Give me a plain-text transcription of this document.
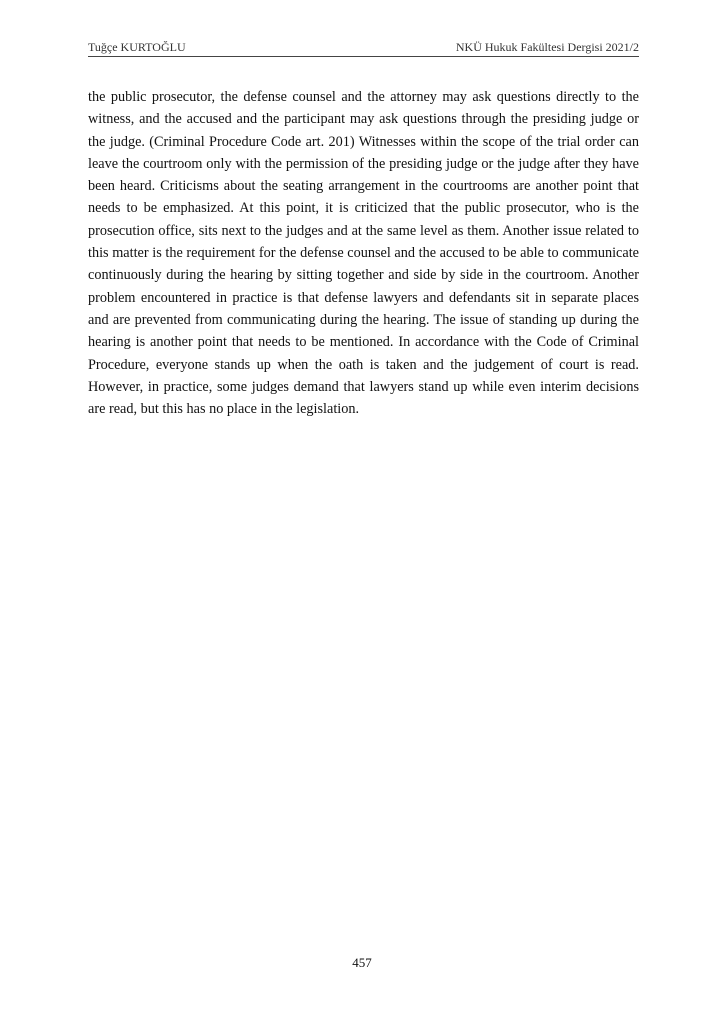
Tuğçe KURTOĞLU	NKÜ Hukuk Fakültesi Dergisi 2021/2

the public prosecutor, the defense counsel and the attorney may ask questions directly to the witness, and the accused and the participant may ask questions through the presiding judge or the judge. (Criminal Procedure Code art. 201) Witnesses within the scope of the trial order can leave the courtroom only with the permission of the presiding judge or the judge after they have been heard. Criticisms about the seating arrangement in the courtrooms are another point that needs to be emphasized. At this point, it is criticized that the public prosecutor, who is the prosecution office, sits next to the judges and at the same level as them. Another issue related to this matter is the requirement for the defense counsel and the accused to be able to communicate continuously during the hearing by sitting together and side by side in the courtroom. Another problem encountered in practice is that defense lawyers and defendants sit in separate places and are prevented from communicating during the hearing. The issue of standing up during the hearing is another point that needs to be mentioned. In accordance with the Code of Criminal Procedure, everyone stands up when the oath is taken and the judgement of court is read. However, in practice, some judges demand that lawyers stand up while even interim decisions are read, but this has no place in the legislation.

457
